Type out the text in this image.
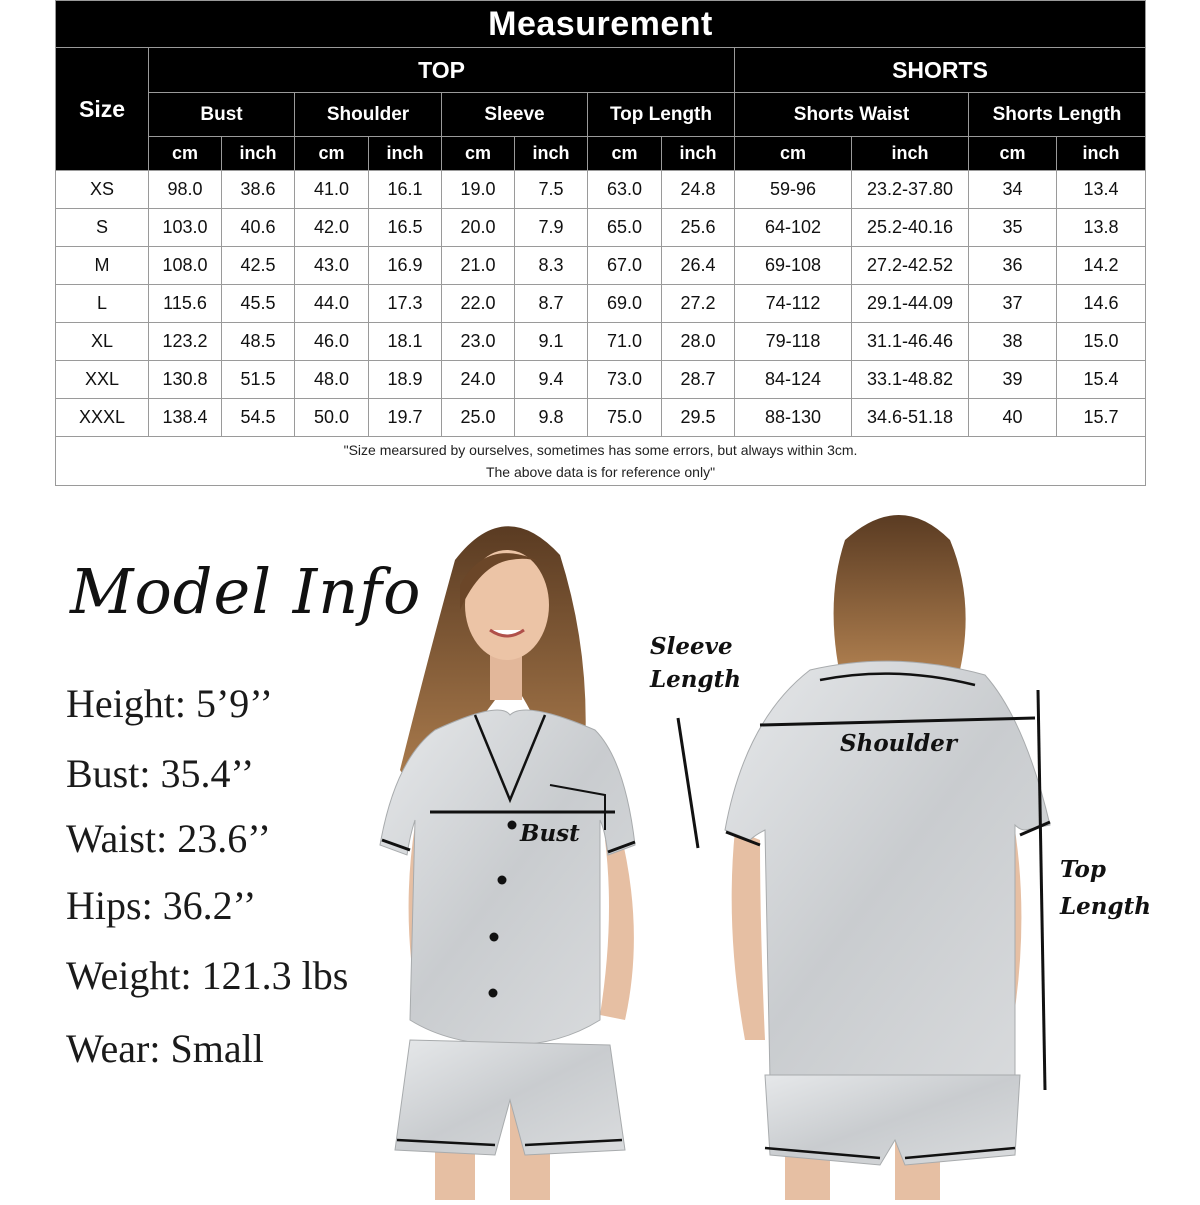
Measurement												
Size	TOP								SHORTS			
	Bust		Shoulder		Sleeve		Top Length		Shorts Waist		Shorts Length	
	cm	inch	cm	inch	cm	inch	cm	inch	cm	inch	cm	inch
XS	98.0	38.6	41.0	16.1	19.0	7.5	63.0	24.8	59-96	23.2-37.80	34	13.4
S	103.0	40.6	42.0	16.5	20.0	7.9	65.0	25.6	64-102	25.2-40.16	35	13.8
M	108.0	42.5	43.0	16.9	21.0	8.3	67.0	26.4	69-108	27.2-42.52	36	14.2
L	115.6	45.5	44.0	17.3	22.0	8.7	69.0	27.2	74-112	29.1-44.09	37	14.6
XL	123.2	48.5	46.0	18.1	23.0	9.1	71.0	28.0	79-118	31.1-46.46	38	15.0
XXL	130.8	51.5	48.0	18.9	24.0	9.4	73.0	28.7	84-124	33.1-48.82	39	15.4
XXXL	138.4	54.5	50.0	19.7	25.0	9.8	75.0	29.5	88-130	34.6-51.18	40	15.7

"Size mearsured by ourselves, sometimes has some errors, but always within 3cm.
The above data is for reference only"												
Model Info

Height: 5’9’’

Bust: 35.4’’

Waist: 23.6’’

Hips: 36.2’’

Weight: 121.3 lbs

Wear: Small

Sleeve
Length
Bust
Shoulder
Top
Length
